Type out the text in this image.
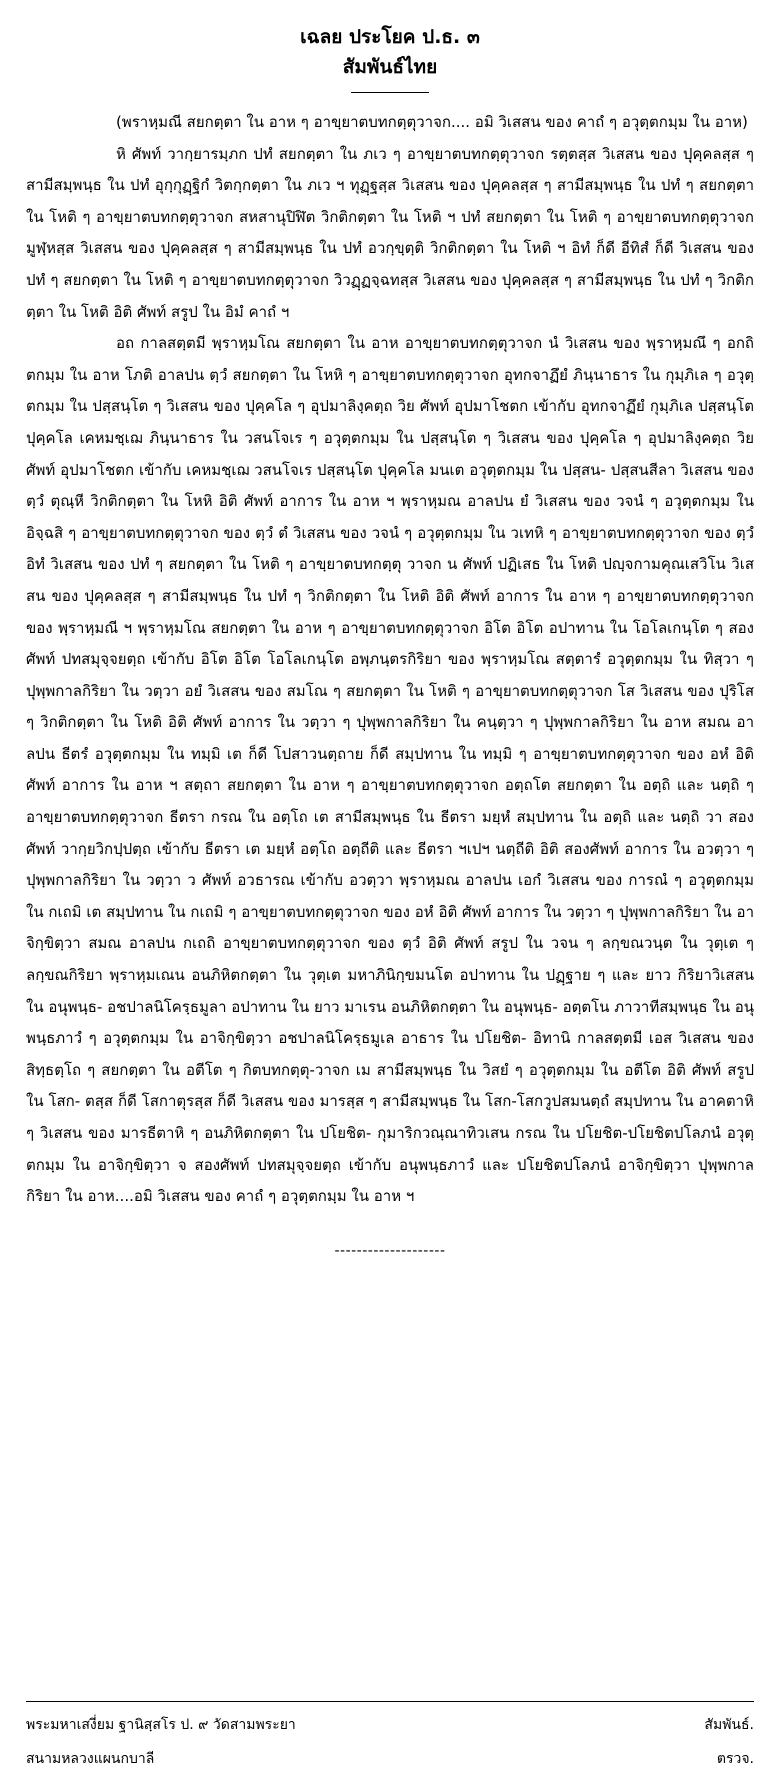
เฉลย ประโยค ป.ธ. ๓

สัมพันธ์ไทย

(พราหฺมณี สยกตฺตา ใน อาห ๆ อาขฺยาตบทกตฺตุวาจก.... อมิ วิเสสน ของ คาถํ ๆ อวุตฺตกมฺม ใน อาห)

หิ ศัพท์ วากฺยารมฺภก ปทํ สยกตฺตา ใน ภเว ๆ อาขฺยาตบทกตฺตุวาจก รตฺตสฺส วิเสสน ของ ปุคฺคลสฺส ๆ สามีสมฺพนฺธ ใน ปทํ อุกฺกุฏฺฐิกํ วิตกฺกตฺตา ใน ภเว ฯ ทุฏฺฐสฺส วิเสสน ของ ปุคฺคลสฺส ๆ สามีสมฺพนฺธ ใน ปทํ ๆ สยกตฺตา ใน โหติ ๆ อาขฺยาตบทกตฺตุวาจก สหสานุปิฬิต วิกติกตฺตา ใน โหติ ฯ ปทํ สยกตฺตา ใน โหติ ๆ อาขฺยาตบทกตฺตุวาจก มูฬฺหสฺส วิเสสน ของ ปุคฺคลสฺส ๆ สามีสมฺพนฺธ ใน ปทํ อวกฺขฺตฺติ วิกติกตฺตา ใน โหติ ฯ อิทํ ก็ดี อีทิสํ ก็ดี วิเสสน ของ ปทํ ๆ สยกตฺตา ใน โหติ ๆ อาขฺยาตบทกตฺตุวาจก วิวฏฺฏจฺฉทสฺส วิเสสน ของ ปุคฺคลสฺส ๆ สามีสมฺพนฺธ ใน ปทํ ๆ วิกติกตฺตา ใน โหติ อิติ ศัพท์ สรูป ใน อิมํ คาถํ ฯ

อถ กาลสตฺตมี พฺราหฺมโณ สยกตฺตา ใน อาห อาขฺยาตบทกตฺตุวาจก นํ วิเสสน ของ พฺราหฺมณึ ๆ อกถิตกมฺม ใน อาห โภติ อาลปน ตฺวํ สยกตฺตา ใน โหหิ ๆ อาขฺยาตบทกตฺตุวาจก อุทกจาฏึยํ ภินฺนาธาร ใน กุมฺภิเล ๆ อวุตฺตกมฺม ใน ปสฺสนฺโต ๆ วิเสสน ของ ปุคฺคโล ๆ อุปมาลิงฺคตฺถ วิย ศัพท์ อุปมาโชตก เข้ากับ อุทกจาฏึยํ กุมฺภิเล ปสฺสนฺโต ปุคฺคโล เคหมชฺเฌ ภินฺนาธาร ใน วสนโจเร ๆ อวุตฺตกมฺม ใน ปสฺสนฺโต ๆ วิเสสน ของ ปุคฺคโล ๆ อุปมาลิงฺคตฺถ วิย ศัพท์ อุปมาโชตก เข้ากับ เคหมชฺเฌ วสนโจเร ปสฺสนฺโต ปุคฺคโล มนเต อวุตฺตกมฺม ใน ปสฺสน- ปสฺสนสีลา วิเสสน ของ ตฺวํ ตุณฺหี วิกติกตฺตา ใน โหหิ อิติ ศัพท์ อาการ ใน อาห ฯ พฺราหฺมณ อาลปน ยํ วิเสสน ของ วจนํ ๆ อวุตฺตกมฺม ใน อิจฺฉสิ ๆ อาขฺยาตบทกตฺตุวาจก ของ ตฺวํ ตํ วิเสสน ของ วจนํ ๆ อวุตฺตกมฺม ใน วเทหิ ๆ อาขฺยาตบทกตฺตุวาจก ของ ตฺวํ อิทํ วิเสสน ของ ปทํ ๆ สยกตฺตา ใน โหติ ๆ อาขฺยาตบทกตฺตุ วาจก น ศัพท์ ปฏิเสธ ใน โหติ ปญฺจกามคุณเสวิโน วิเสสน ของ ปุคฺคลสฺส ๆ สามีสมฺพนฺธ ใน ปทํ ๆ วิกติกตฺตา ใน โหติ อิติ ศัพท์ อาการ ใน อาห ๆ อาขฺยาตบทกตฺตุวาจก ของ พฺราหฺมณี ฯ พฺราหฺมโณ สยกตฺตา ใน อาห ๆ อาขฺยาตบทกตฺตุวาจก อิโต อิโต อปาทาน ใน โอโลเกนฺโต ๆ สองศัพท์ ปทสมุจฺจยตฺถ เข้ากับ อิโต อิโต โอโลเกนฺโต อพฺภนฺตรกิริยา ของ พฺราหฺมโณ สตฺตารํ อวุตฺตกมฺม ใน ทิสฺวา ๆ ปุพฺพกาลกิริยา ใน วตฺวา อยํ วิเสสน ของ สมโณ ๆ สยกตฺตา ใน โหติ ๆ อาขฺยาตบทกตฺตุวาจก โส วิเสสน ของ ปุริโส ๆ วิกติกตฺตา ใน โหติ อิติ ศัพท์ อาการ ใน วตฺวา ๆ ปุพฺพกาลกิริยา ใน คนฺตฺวา ๆ ปุพฺพกาลกิริยา ใน อาห สมณ อาลปน ธีตรํ อวุตฺตกมฺม ใน ทมฺมิ เต ก็ดี โปสาวนตฺถาย ก็ดี สมฺปทาน ใน ทมฺมิ ๆ อาขฺยาตบทกตฺตุวาจก ของ อหํ อิติ ศัพท์ อาการ ใน อาห ฯ สตฺถา สยกตฺตา ใน อาห ๆ อาขฺยาตบทกตฺตุวาจก อตฺถโต สยกตฺตา ใน อตฺถิ และ นตฺถิ ๆ อาขฺยาตบทกตฺตุวาจก ธีตรา กรณ ใน อตฺโถ เต สามีสมฺพนฺธ ใน ธีตรา มยฺหํ สมฺปทาน ใน อตฺถิ และ นตฺถิ วา สองศัพท์ วากฺยวิกปฺปตฺถ เข้ากับ ธีตรา เต มยฺหํ อตฺโถ อตฺถีติ และ ธีตรา ฯเปฯ นตฺถีติ อิติ สองศัพท์ อาการ ใน อวตฺวา ๆ ปุพฺพกาลกิริยา ใน วตฺวา ว ศัพท์ อวธารณ เข้ากับ อวตฺวา พฺราหฺมณ อาลปน เอกํ วิเสสน ของ การณํ ๆ อวุตฺตกมฺม ใน กเถมิ เต สมฺปทาน ใน กเถมิ ๆ อาขฺยาตบทกตฺตุวาจก ของ อหํ อิติ ศัพท์ อาการ ใน วตฺวา ๆ ปุพฺพกาลกิริยา ใน อาจิกฺขิตฺวา สมณ อาลปน กเถถิ อาขฺยาตบทกตฺตุวาจก ของ ตฺวํ อิติ ศัพท์ สรูป ใน วจน ๆ ลกฺขณวนฺต ใน วุตฺเต ๆ ลกฺขณกิริยา พฺราหฺมเณน อนภิหิตกตฺตา ใน วุตฺเต มหาภินิกฺขมนโต อปาทาน ใน ปฏฺฐาย ๆ และ ยาว กิริยาวิเสสน ใน อนุพนฺธ- อชปาลนิโครฺธมูลา อปาทาน ใน ยาว มาเรน อนภิหิตกตฺตา ใน อนุพนฺธ- อตฺตโน ภาวาทีสมฺพนฺธ ใน อนุพนฺธภาวํ ๆ อวุตฺตกมฺม ใน อาจิกฺขิตฺวา อชปาลนิโครฺธมูเล อาธาร ใน ปโยชิต- อิทานิ กาลสตฺตมี เอส วิเสสน ของ สิทฺธตฺโถ ๆ สยกตฺตา ใน อตีโต ๆ กิตบทกตฺตุ-วาจก เม สามีสมฺพนฺธ ใน วิสยํ ๆ อวุตฺตกมฺม ใน อตีโต อิติ ศัพท์ สรูป ใน โสก- ตสฺส ก็ดี โสกาตุรสฺส ก็ดี วิเสสน ของ มารสฺส ๆ สามีสมฺพนฺธ ใน โสก-โสกวูปสมนตฺถํ สมฺปทาน ใน อาคตาหิ ๆ วิเสสน ของ มารธีตาหิ ๆ อนภิหิตกตฺตา ใน ปโยชิต- กุมาริกวณฺณาทิวเสน กรณ ใน ปโยชิต-ปโยชิตปโลภนํ อวุตฺตกมฺม ใน อาจิกฺขิตฺวา จ สองศัพท์ ปทสมุจฺจยตฺถ เข้ากับ อนุพนฺธภาวํ และ ปโยชิตปโลภนํ อาจิกฺขิตฺวา ปุพฺพกาลกิริยา ใน อาห....อมิ วิเสสน ของ คาถํ ๆ อวุตฺตกมฺม ใน อาห ฯ

--------------------
พระมหาเสงี่ยม ฐานิสฺสโร ป. ๙ วัดสามพระยา	สัมพันธ์.
สนามหลวงแผนกบาลี	ตรวจ.
